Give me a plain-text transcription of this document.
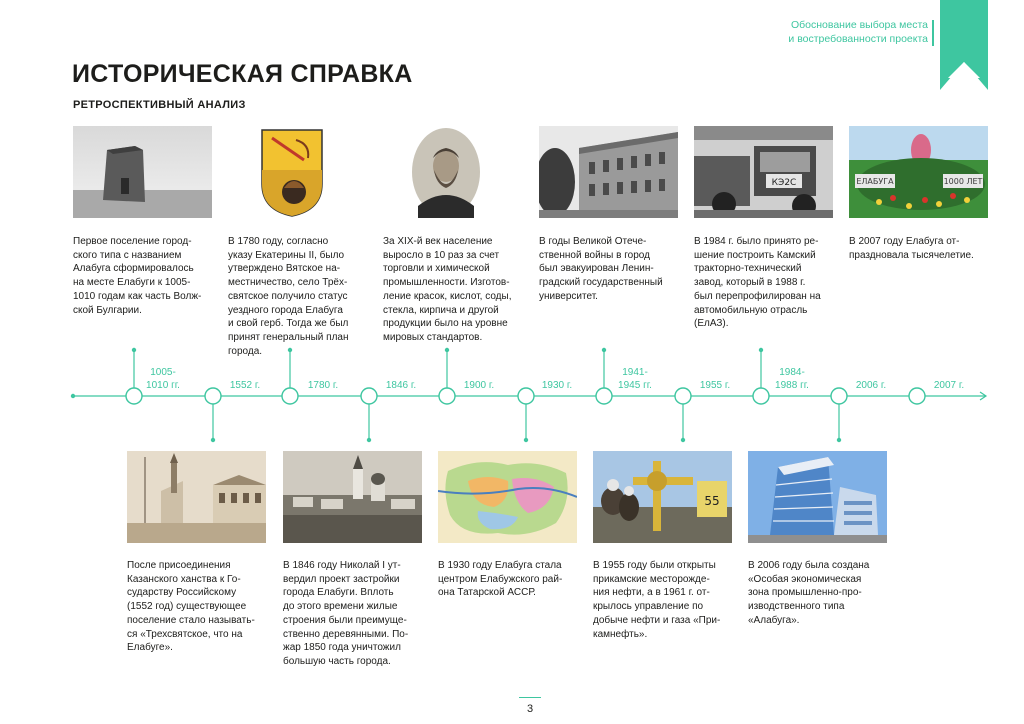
Обоснование выбора места
и востребованности проекта
ИСТОРИЧЕСКАЯ СПРАВКА
РЕТРОСПЕКТИВНЫЙ АНАЛИЗ
КЭ2С	ЕЛАБУГА	1000 ЛЕТ

Первое поселение город-
ского типа с названием
Алабуга сформировалось
на месте Елабуги к 1005-
1010 годам как часть Волж-
ской Булгарии.

В 1780 году, согласно
указу Екатерины II, было
утверждено Вятское на-
местничество, село Трёх-
святское получило статус
уездного города Елабуга
и свой герб. Тогда же был
принят генеральный план
города.

За XIX-й век население
выросло в 10 раз за счет
торговли и химической
промышленности. Изготов-
ление красок, кислот, соды,
стекла, кирпича и другой
продукции было на уровне
мировых стандартов.

В годы Великой Отече-
ственной войны в город
был эвакуирован Ленин-
градский государственный
университет.

В 1984 г. было принято ре-
шение построить Камский
тракторно-технический
завод, который в 1988 г.
был перепрофилирован на
автомобильную отрасль
(ЕлАЗ).

В 2007 году Елабуга от-
праздновала тысячелетие.

1005-
1010 гг.	1552 г.	1780 г.	1846 г.	1900 г.	1930 г.
1941-
1945 гг.	1955 г.
1984-
1988 гг.	2006 г.	2007 г.
55

После присоединения
Казанского ханства к Го-
сударству Российскому
(1552 год) существующее
поселение стало называть-
ся «Трехсвятское, что на
Елабуге».

В 1846 году Николай I ут-
вердил проект застройки
города Елабуги. Вплоть
до этого времени жилые
строения были преимуще-
ственно деревянными. По-
жар 1850 года уничтожил
большую часть города.

В 1930 году Елабуга стала
центром Елабужского рай-
она Татарской АССР.

В 1955 году были открыты
прикамские месторожде-
ния нефти, а в 1961 г. от-
крылось управление по
добыче нефти и газа «При-
камнефть».

В 2006 году была создана
«Особая экономическая
зона промышленно-про-
изводственного типа
«Алабуга».

3
